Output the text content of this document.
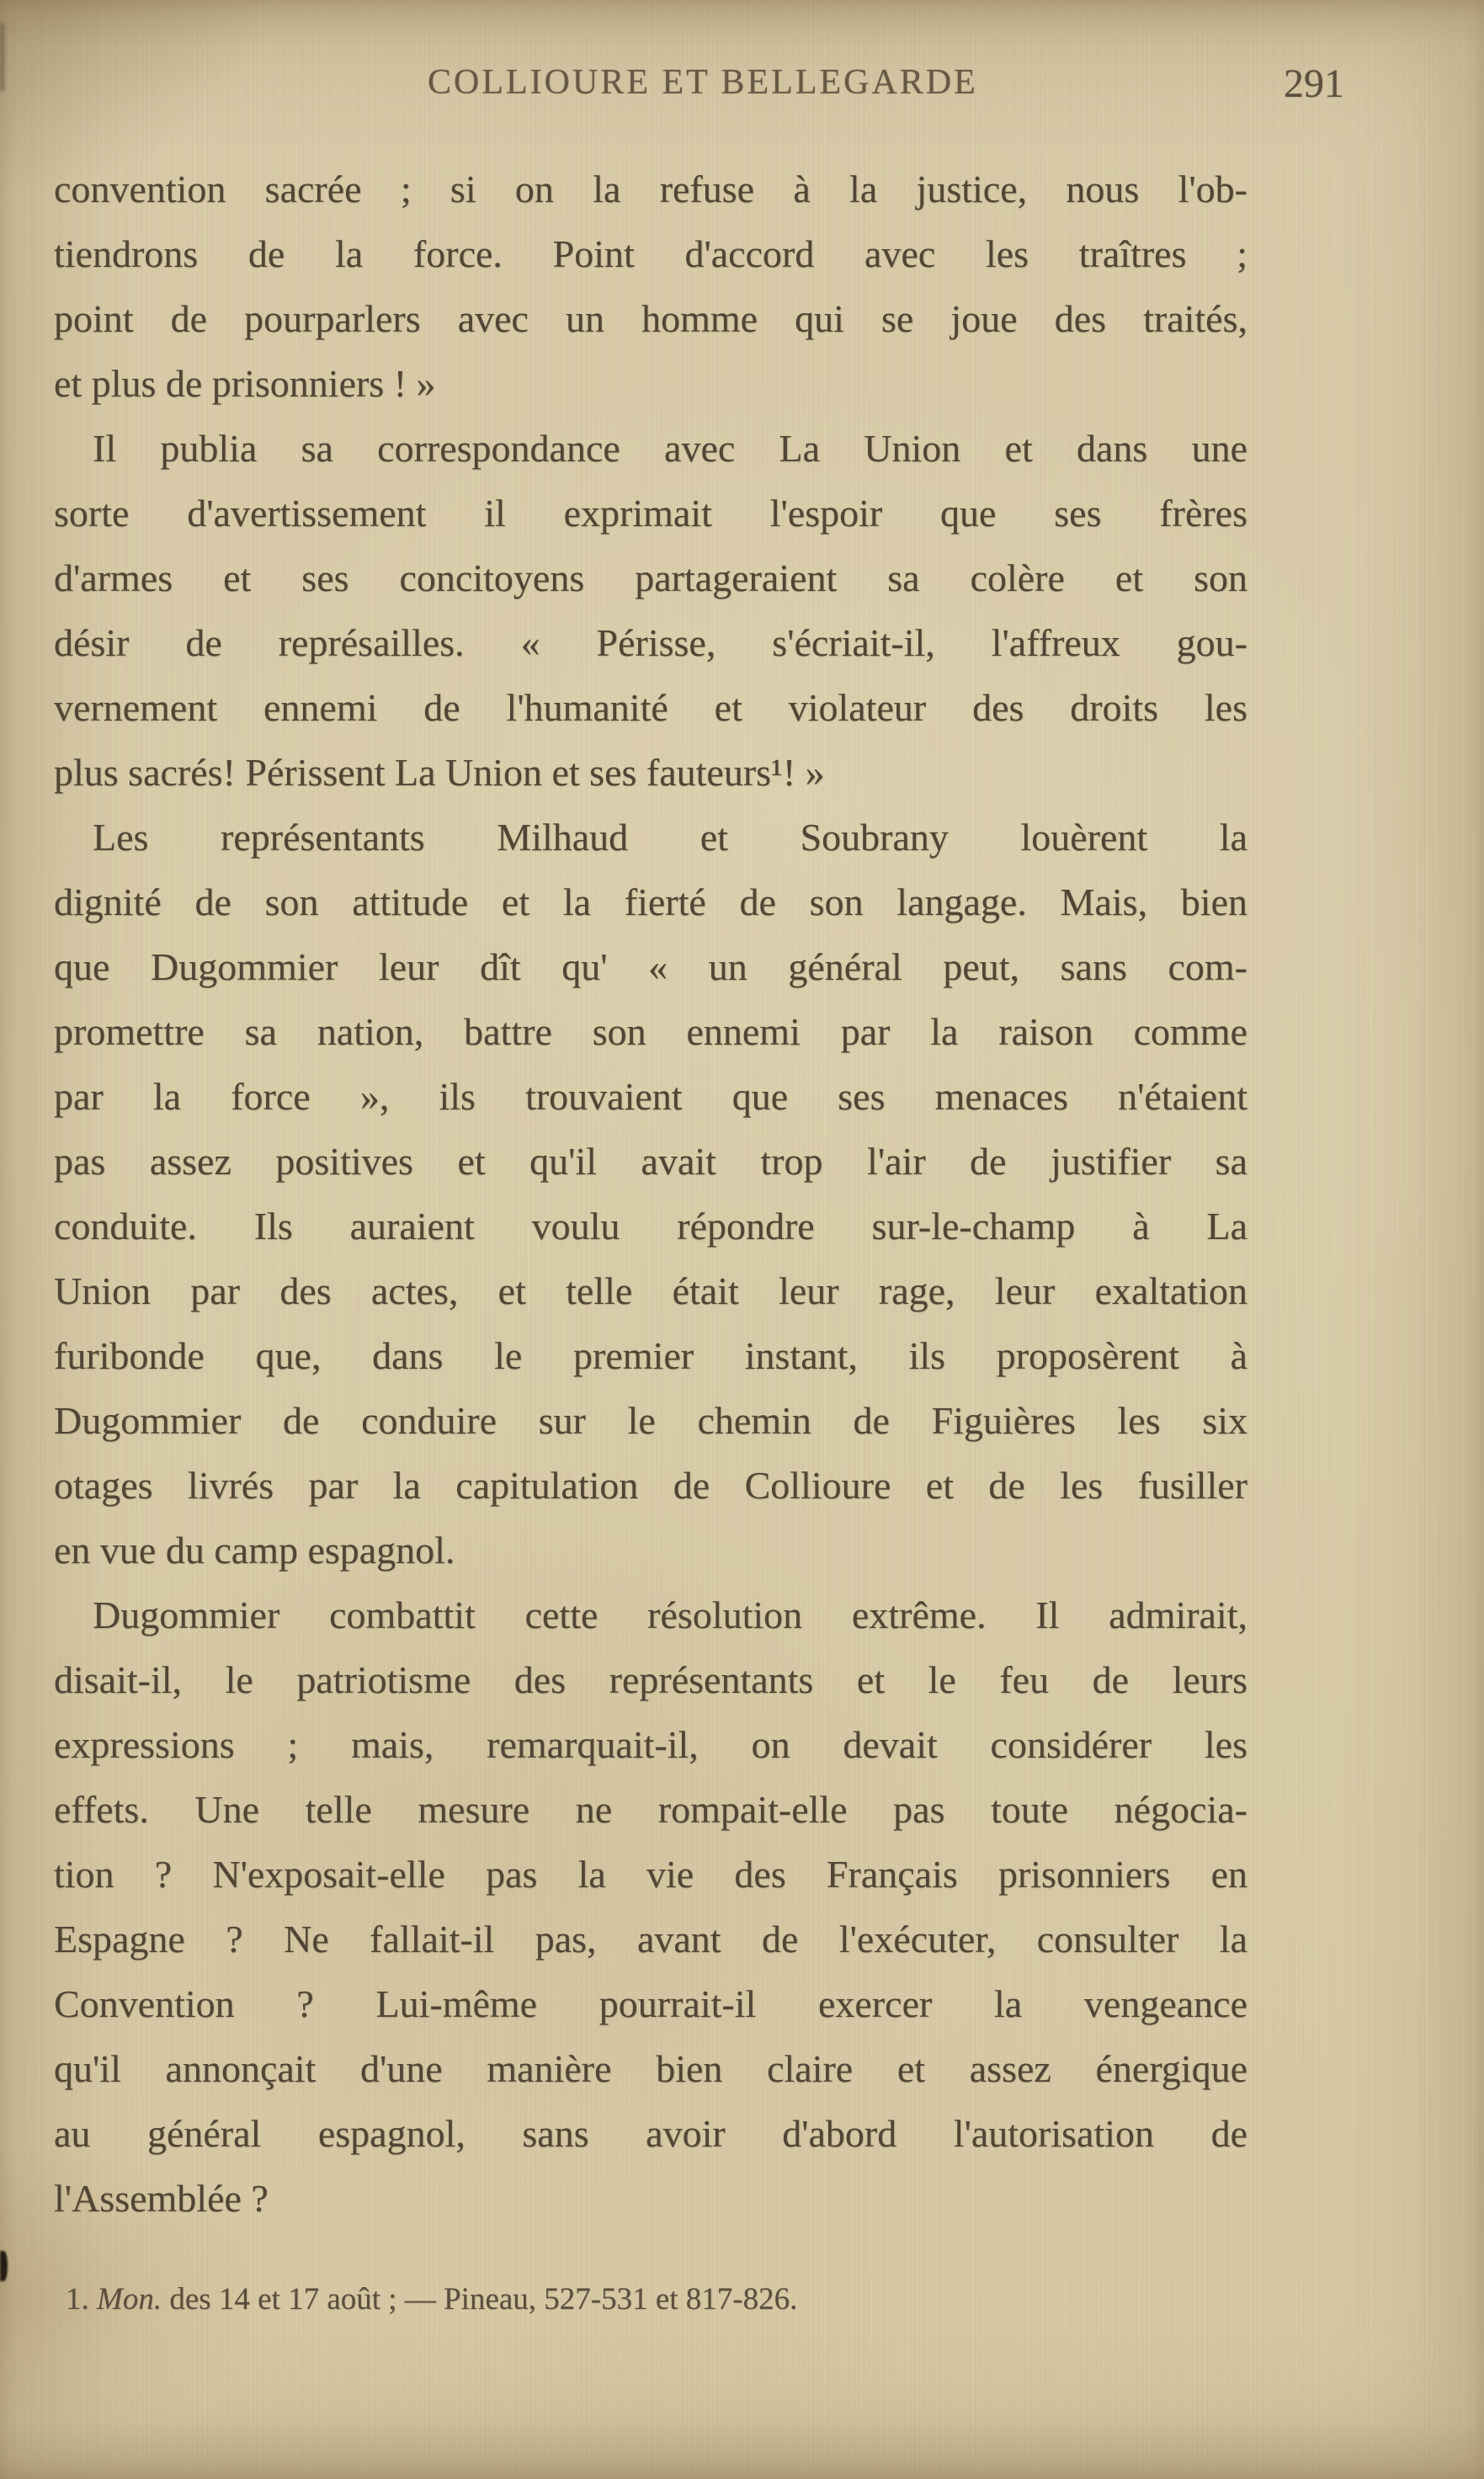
COLLIOURE ET BELLEGARDE	291
convention sacrée ; si on la refuse à la justice, nous l'ob-
tiendrons de la force. Point d'accord avec les traîtres ;
point de pourparlers avec un homme qui se joue des traités,
et plus de prisonniers ! »
Il publia sa correspondance avec La Union et dans une
sorte d'avertissement il exprimait l'espoir que ses frères
d'armes et ses concitoyens partageraient sa colère et son
désir de représailles. « Périsse, s'écriait-il, l'affreux gou-
vernement ennemi de l'humanité et violateur des droits les
plus sacrés! Périssent La Union et ses fauteurs¹! »
Les représentants Milhaud et Soubrany louèrent la
dignité de son attitude et la fierté de son langage. Mais, bien
que Dugommier leur dît qu' « un général peut, sans com-
promettre sa nation, battre son ennemi par la raison comme
par la force », ils trouvaient que ses menaces n'étaient
pas assez positives et qu'il avait trop l'air de justifier sa
conduite. Ils auraient voulu répondre sur-le-champ à La
Union par des actes, et telle était leur rage, leur exaltation
furibonde que, dans le premier instant, ils proposèrent à
Dugommier de conduire sur le chemin de Figuières les six
otages livrés par la capitulation de Collioure et de les fusiller
en vue du camp espagnol.
Dugommier combattit cette résolution extrême. Il admirait,
disait-il, le patriotisme des représentants et le feu de leurs
expressions ; mais, remarquait-il, on devait considérer les
effets. Une telle mesure ne rompait-elle pas toute négocia-
tion ? N'exposait-elle pas la vie des Français prisonniers en
Espagne ? Ne fallait-il pas, avant de l'exécuter, consulter la
Convention ? Lui-même pourrait-il exercer la vengeance
qu'il annonçait d'une manière bien claire et assez énergique
au général espagnol, sans avoir d'abord l'autorisation de
l'Assemblée ?
1. Mon. des 14 et 17 août ; — Pineau, 527-531 et 817-826.
